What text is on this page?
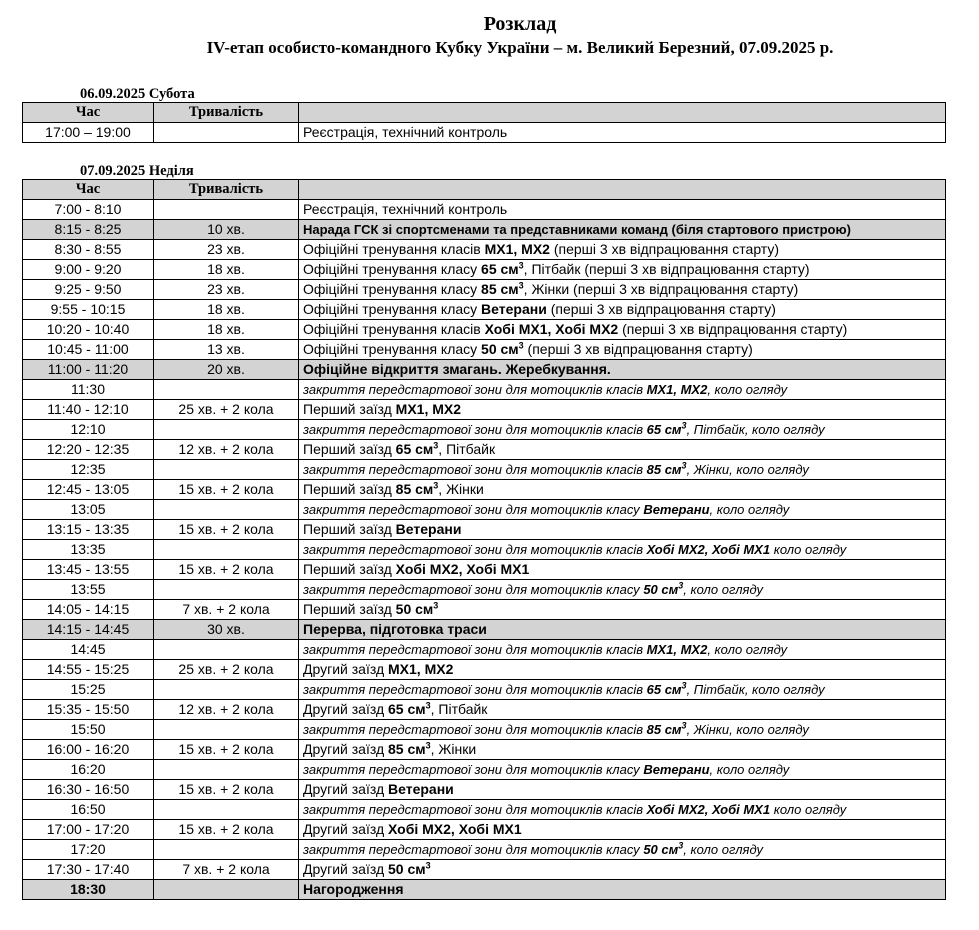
Розклад
IV-етап особисто-командного Кубку України – м. Великий Березний, 07.09.2025 р.
06.09.2025 Субота
Час	Тривалість	
17:00 – 19:00		Реєстрація, технічний контроль
07.09.2025 Неділя
Час	Тривалість	
7:00 - 8:10		Реєстрація, технічний контроль
8:15 - 8:25	10 хв.	Нарада ГСК зі спортсменами та представниками команд (біля стартового пристрою)
8:30 - 8:55	23 хв.	Офіційні тренування класів МХ1, МХ2 (перші 3 хв відпрацювання старту)
9:00 - 9:20	18 хв.	Офіційні тренування класу 65 $см^3$, Пітбайк (перші 3 хв відпрацювання старту)
9:25 - 9:50	23 хв.	Офіційні тренування класу 85 $см^3$, Жінки (перші 3 хв відпрацювання старту)
9:55 - 10:15	18 хв.	Офіційні тренування класу Ветерани (перші 3 хв відпрацювання старту)
10:20 - 10:40	18 хв.	Офіційні тренування класів Хобі МХ1, Хобі МХ2 (перші 3 хв відпрацювання старту)
10:45 - 11:00	13 хв.	Офіційні тренування класу 50 $см^3$ (перші 3 хв відпрацювання старту)
11:00 - 11:20	20 хв.	Офіційне відкриття змагань. Жеребкування.
11:30		закриття передстартової зони для мотоциклів класів МХ1, МХ2, коло огляду
11:40 - 12:10	25 хв. + 2 кола	Перший заїзд МХ1, МХ2
12:10		закриття передстартової зони для мотоциклів класів 65 $см^3$, Пітбайк, коло огляду
12:20 - 12:35	12 хв. + 2 кола	Перший заїзд 65 $см^3$, Пітбайк
12:35		закриття передстартової зони для мотоциклів класів 85 $см^3$, Жінки, коло огляду
12:45 - 13:05	15 хв. + 2 кола	Перший заїзд 85 $см^3$, Жінки
13:05		закриття передстартової зони для мотоциклів класу Ветерани, коло огляду
13:15 - 13:35	15 хв. + 2 кола	Перший заїзд Ветерани
13:35		закриття передстартової зони для мотоциклів класів Хобі МХ2, Хобі МХ1 коло огляду
13:45 - 13:55	15 хв. + 2 кола	Перший заїзд Хобі МХ2, Хобі МХ1
13:55		закриття передстартової зони для мотоциклів класу 50 $см^3$, коло огляду
14:05 - 14:15	7 хв. + 2 кола	Перший заїзд 50 $см^3$
14:15 - 14:45	30 хв.	Перерва, підготовка траси
14:45		закриття передстартової зони для мотоциклів класів МХ1, МХ2, коло огляду
14:55 - 15:25	25 хв. + 2 кола	Другий заїзд МХ1, МХ2
15:25		закриття передстартової зони для мотоциклів класів 65 $см^3$, Пітбайк, коло огляду
15:35 - 15:50	12 хв. + 2 кола	Другий заїзд 65 $см^3$, Пітбайк
15:50		закриття передстартової зони для мотоциклів класів 85 $см^3$, Жінки, коло огляду
16:00 - 16:20	15 хв. + 2 кола	Другий заїзд 85 $см^3$, Жінки
16:20		закриття передстартової зони для мотоциклів класу Ветерани, коло огляду
16:30 - 16:50	15 хв. + 2 кола	Другий заїзд Ветерани
16:50		закриття передстартової зони для мотоциклів класів Хобі МХ2, Хобі МХ1 коло огляду
17:00 - 17:20	15 хв. + 2 кола	Другий заїзд Хобі МХ2, Хобі МХ1
17:20		закриття передстартової зони для мотоциклів класу 50 $см^3$, коло огляду
17:30 - 17:40	7 хв. + 2 кола	Другий заїзд 50 $см^3$
18:30		Нагородження
